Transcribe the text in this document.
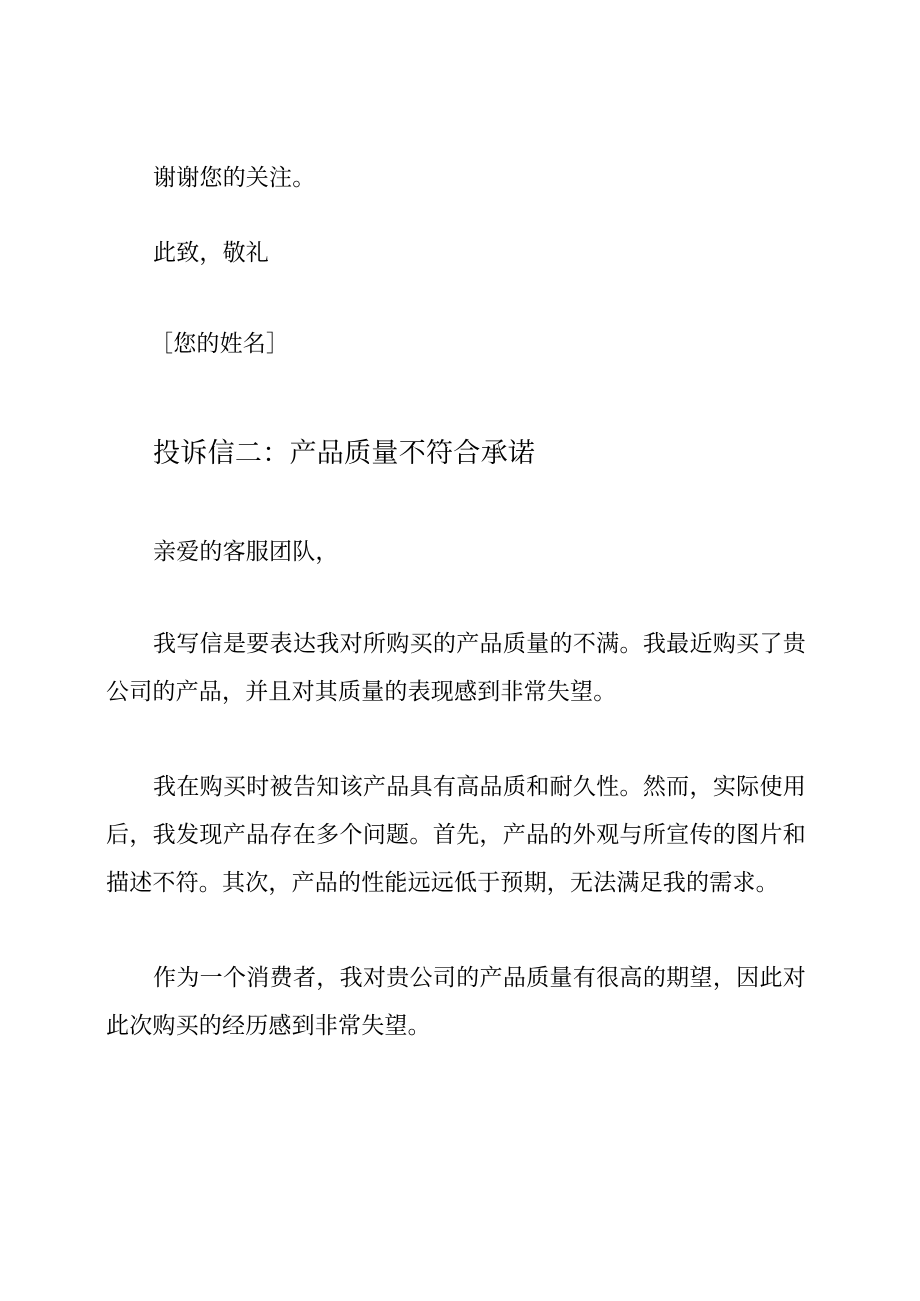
谢谢您的关注。

此致，敬礼

［您的姓名］

投诉信二：产品质量不符合承诺

亲爱的客服团队，

我写信是要表达我对所购买的产品质量的不满。我最近购买了贵

公司的产品，并且对其质量的表现感到非常失望。

我在购买时被告知该产品具有高品质和耐久性。然而，实际使用

后，我发现产品存在多个问题。首先，产品的外观与所宣传的图片和

描述不符。其次，产品的性能远远低于预期，无法满足我的需求。

作为一个消费者，我对贵公司的产品质量有很高的期望，因此对

此次购买的经历感到非常失望。
